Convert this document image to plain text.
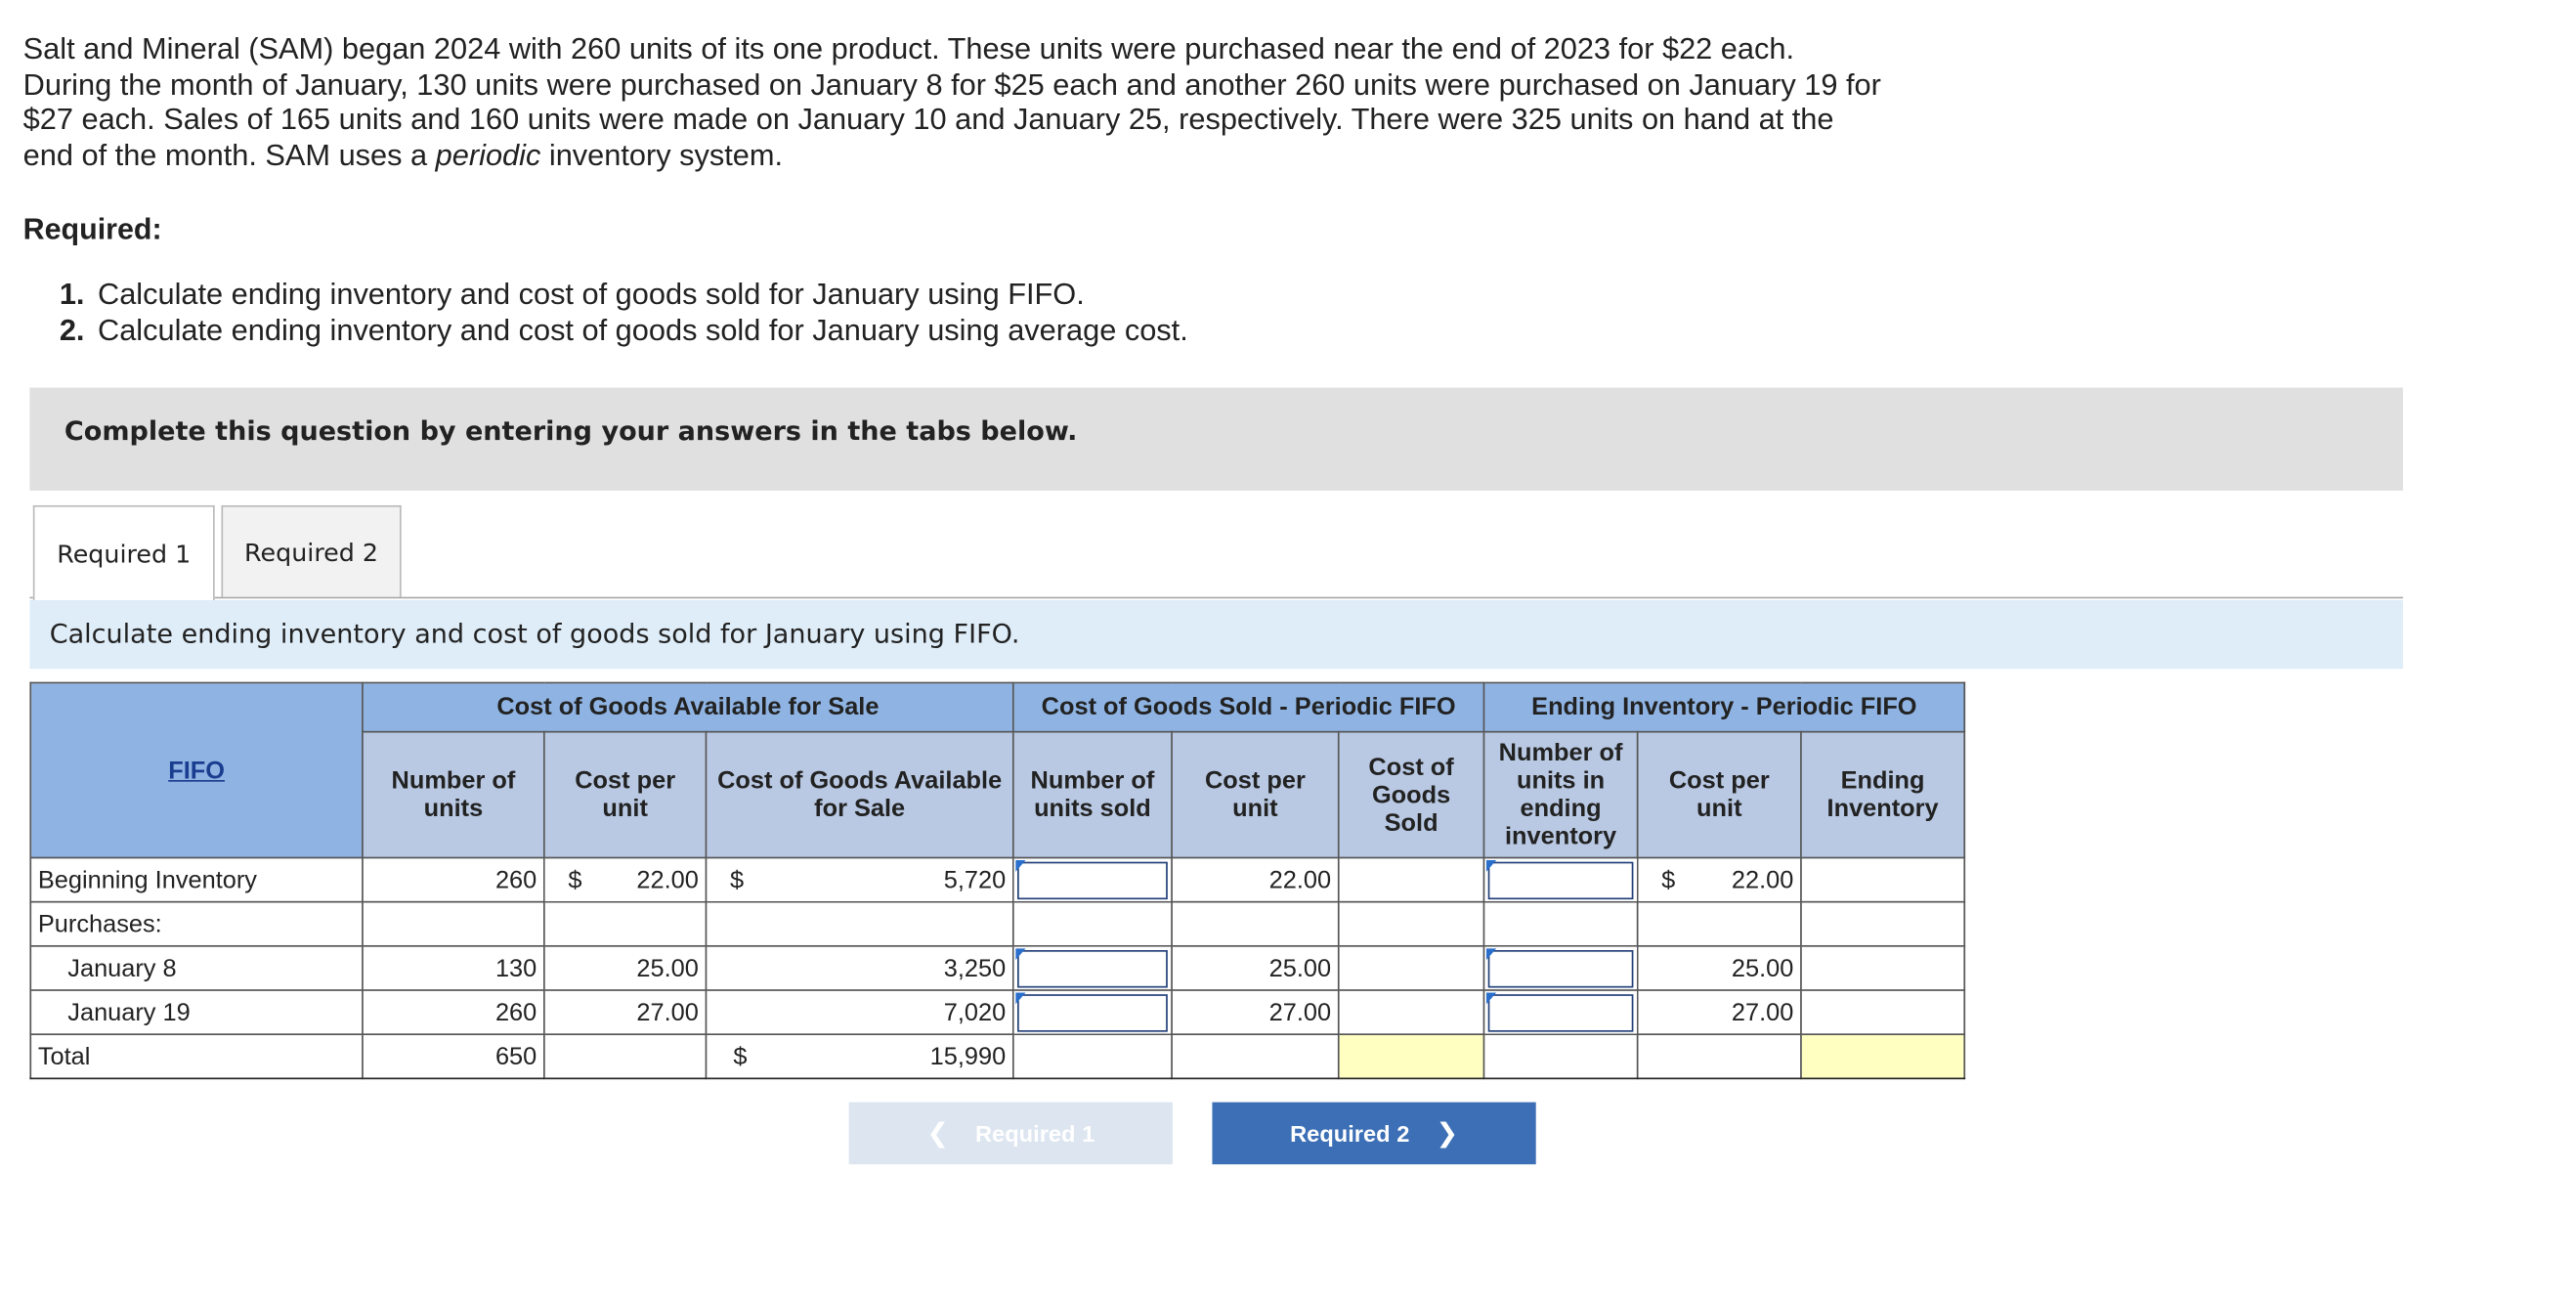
Salt and Mineral (SAM) began 2024 with 260 units of its one product. These units were purchased near the end of 2023 for $22 each. During the month of January, 130 units were purchased on January 8 for $25 each and another 260 units were purchased on January 19 for $27 each. Sales of 165 units and 160 units were made on January 10 and January 25, respectively. There were 325 units on hand at the end of the month. SAM uses a periodic inventory system.

Required:
1. Calculate ending inventory and cost of goods sold for January using FIFO.
2. Calculate ending inventory and cost of goods sold for January using average cost.
Complete this question by entering your answers in the tabs below.
Required 1	Required 2
Calculate ending inventory and cost of goods sold for January using FIFO.
FIFO	Cost of Goods Available for Sale			Cost of Goods Sold - Periodic FIFO			Ending Inventory - Periodic FIFO		
	Number of units	Cost per unit	Cost of Goods Available for Sale	Number of units sold	Cost per unit	Cost of Goods Sold	Number of units in ending inventory	Cost per unit	Ending Inventory
Beginning Inventory	260	$ 22.00	$ 5,720		22.00			$ 22.00	
Purchases:									
January 8	130	25.00	3,250		25.00			25.00	
January 19	260	27.00	7,020		27.00			27.00	
Total	650		$ 15,990						
❮ Required 1	Required 2 ❯
